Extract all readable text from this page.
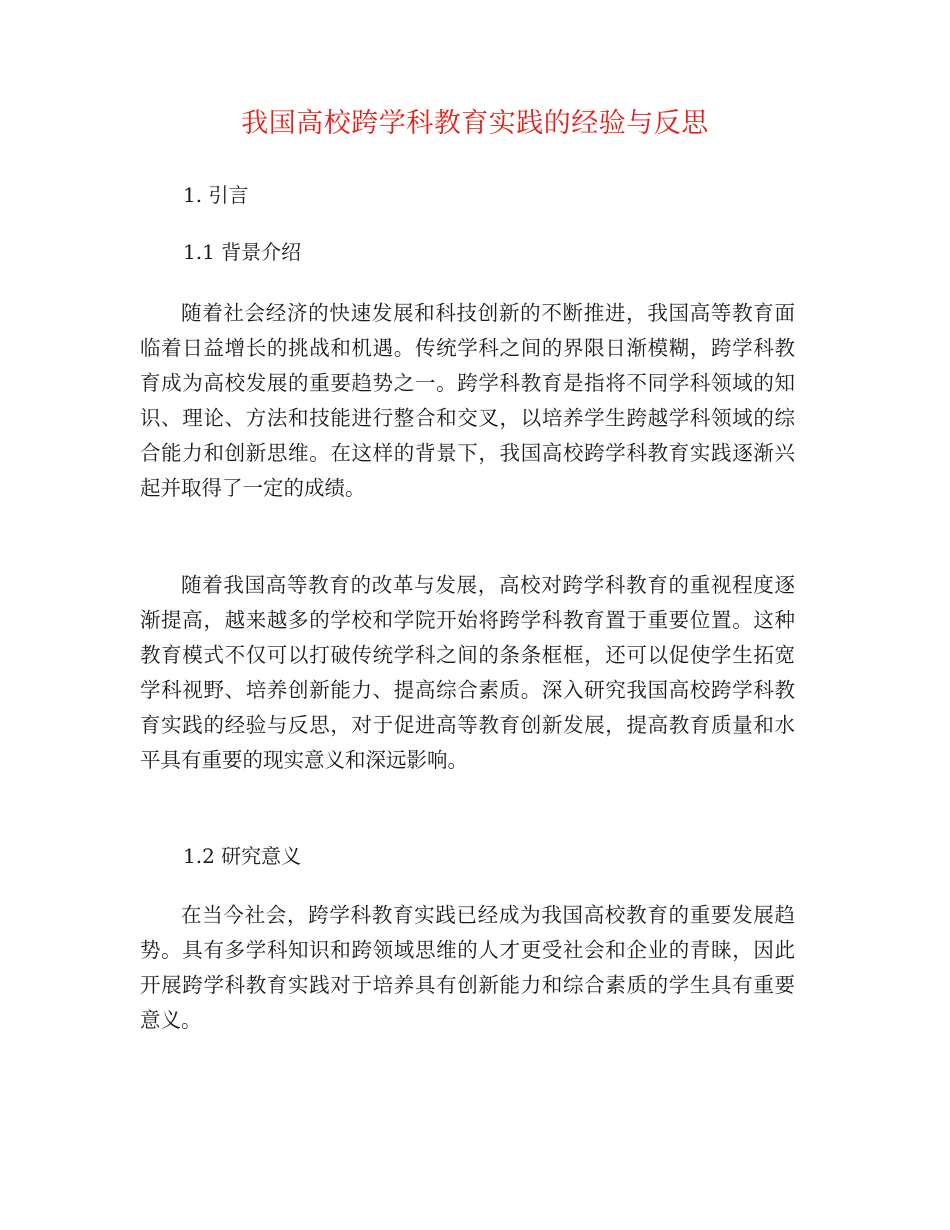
我国高校跨学科教育实践的经验与反思
1. 引言
1.1 背景介绍

随着社会经济的快速发展和科技创新的不断推进，我国高等教育面临着日益增长的挑战和机遇。传统学科之间的界限日渐模糊，跨学科教育成为高校发展的重要趋势之一。跨学科教育是指将不同学科领域的知识、理论、方法和技能进行整合和交叉，以培养学生跨越学科领域的综合能力和创新思维。在这样的背景下，我国高校跨学科教育实践逐渐兴起并取得了一定的成绩。

随着我国高等教育的改革与发展，高校对跨学科教育的重视程度逐渐提高，越来越多的学校和学院开始将跨学科教育置于重要位置。这种教育模式不仅可以打破传统学科之间的条条框框，还可以促使学生拓宽学科视野、培养创新能力、提高综合素质。深入研究我国高校跨学科教育实践的经验与反思，对于促进高等教育创新发展，提高教育质量和水平具有重要的现实意义和深远影响。

1.2 研究意义

在当今社会，跨学科教育实践已经成为我国高校教育的重要发展趋势。具有多学科知识和跨领域思维的人才更受社会和企业的青睐，因此开展跨学科教育实践对于培养具有创新能力和综合素质的学生具有重要意义。
